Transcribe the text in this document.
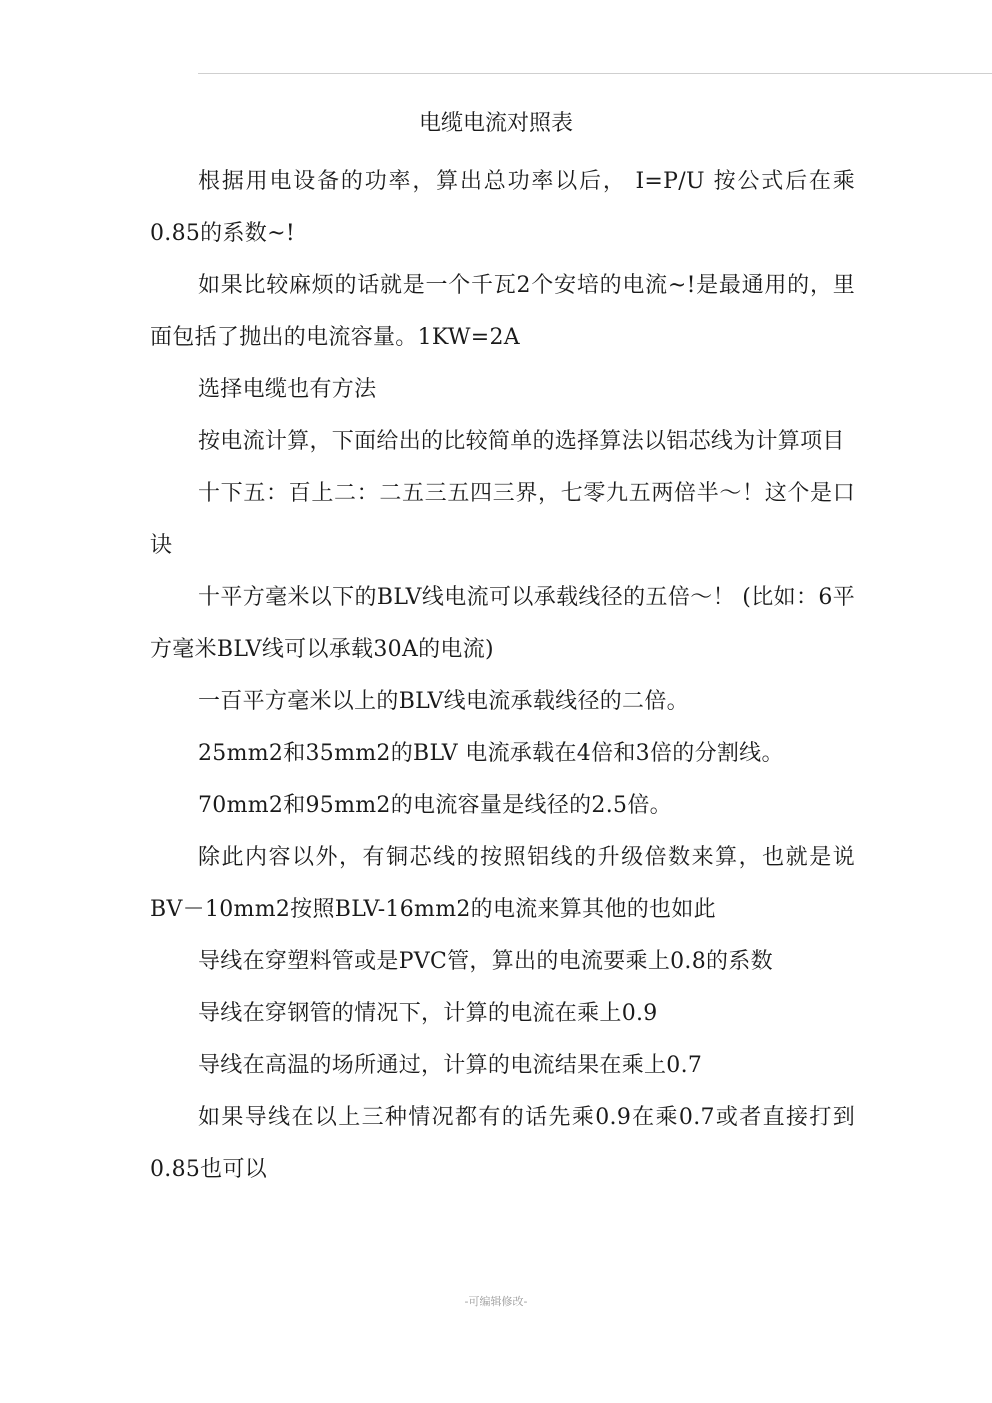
电缆电流对照表

根据用电设备的功率，算出总功率以后， I=P/U 按公式后在乘0.85的系数~!

如果比较麻烦的话就是一个千瓦2个安培的电流~!是最通用的，里面包括了抛出的电流容量。1KW=2A

选择电缆也有方法

按电流计算，下面给出的比较简单的选择算法以铝芯线为计算项目

十下五：百上二：二五三五四三界，七零九五两倍半～！这个是口诀

十平方毫米以下的BLV线电流可以承载线径的五倍～！ (比如：6平方毫米BLV线可以承载30A的电流)

一百平方毫米以上的BLV线电流承载线径的二倍。

25mm2和35mm2的BLV 电流承载在4倍和3倍的分割线。

70mm2和95mm2的电流容量是线径的2.5倍。

除此内容以外，有铜芯线的按照铝线的升级倍数来算，也就是说BV－10mm2按照BLV-16mm2的电流来算其他的也如此

导线在穿塑料管或是PVC管，算出的电流要乘上0.8的系数

导线在穿钢管的情况下，计算的电流在乘上0.9

导线在高温的场所通过，计算的电流结果在乘上0.7

如果导线在以上三种情况都有的话先乘0.9在乘0.7或者直接打到0.85也可以

-可编辑修改-
